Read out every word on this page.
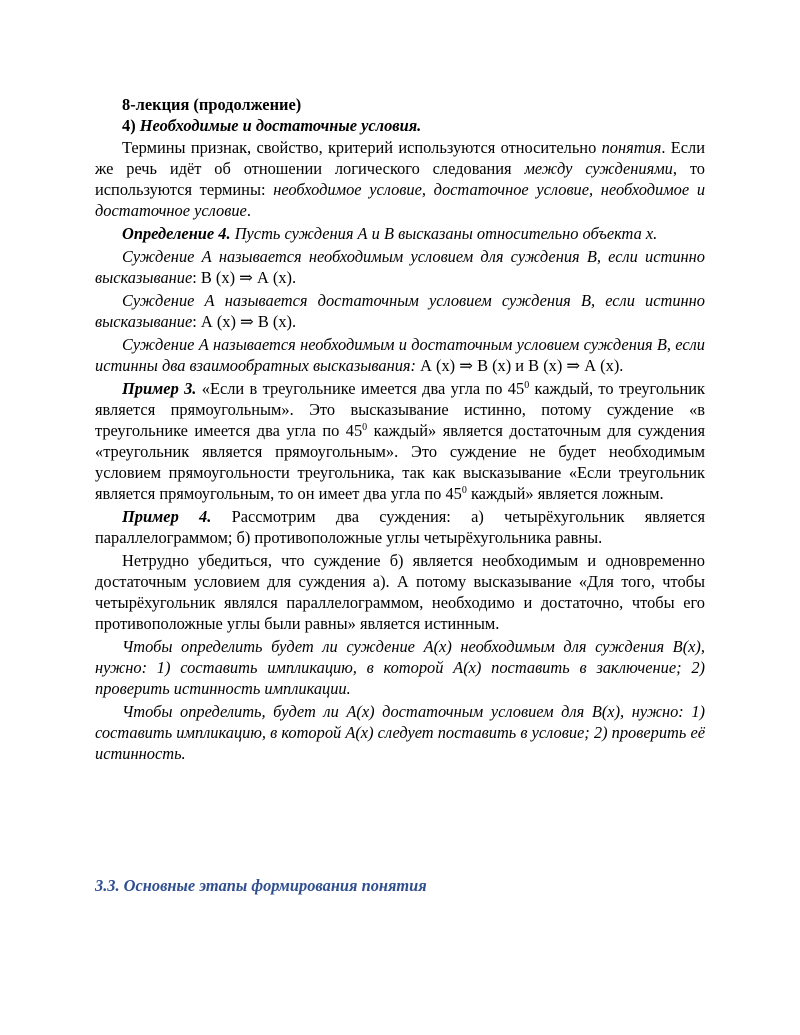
8-лекция (продолжение)

4) Необходимые и достаточные условия.

Термины признак, свойство, критерий используются относительно понятия. Если же речь идёт об отношении логического следования между суждениями, то используются термины: необходимое условие, достаточное условие, необходимое и достаточное условие.

Определение 4. Пусть суждения А и В высказаны относительно объекта х.

Суждение А называется необходимым условием для суждения В, если истинно высказывание: В (х) ⇒ А (х).

Суждение А называется достаточным условием суждения В, если истинно высказывание: А (х) ⇒ В (х).

Суждение А называется необходимым и достаточным условием суждения В, если истинны два взаимообратных высказывания: А (х) ⇒ В (х) и В (х) ⇒ А (х).

Пример 3. «Если в треугольнике имеется два угла по $45^0$ каждый, то треугольник является прямоугольным». Это высказывание истинно, потому суждение «в треугольнике имеется два угла по $45^0$ каждый» является достаточным для суждения «треугольник является прямоугольным». Это суждение не будет необходимым условием прямоугольности треугольника, так как высказывание «Если треугольник является прямоугольным, то он имеет два угла по $45^0$ каждый» является ложным.

Пример 4. Рассмотрим два суждения: а) четырёхугольник является параллелограммом; б) противоположные углы четырёхугольника равны.

Нетрудно убедиться, что суждение б) является необходимым и одновременно достаточным условием для суждения а). А потому высказывание «Для того, чтобы четырёхугольник являлся параллелограммом, необходимо и достаточно, чтобы его противоположные углы были равны» является истинным.

Чтобы определить будет ли суждение А(х) необходимым для суждения В(х), нужно: 1) составить импликацию, в которой А(х) поставить в заключение; 2) проверить истинность импликации.

Чтобы определить, будет ли А(х) достаточным условием для В(х), нужно: 1) составить импликацию, в которой А(х) следует поставить в условие; 2) проверить её истинность.

3.3. Основные этапы формирования понятия
